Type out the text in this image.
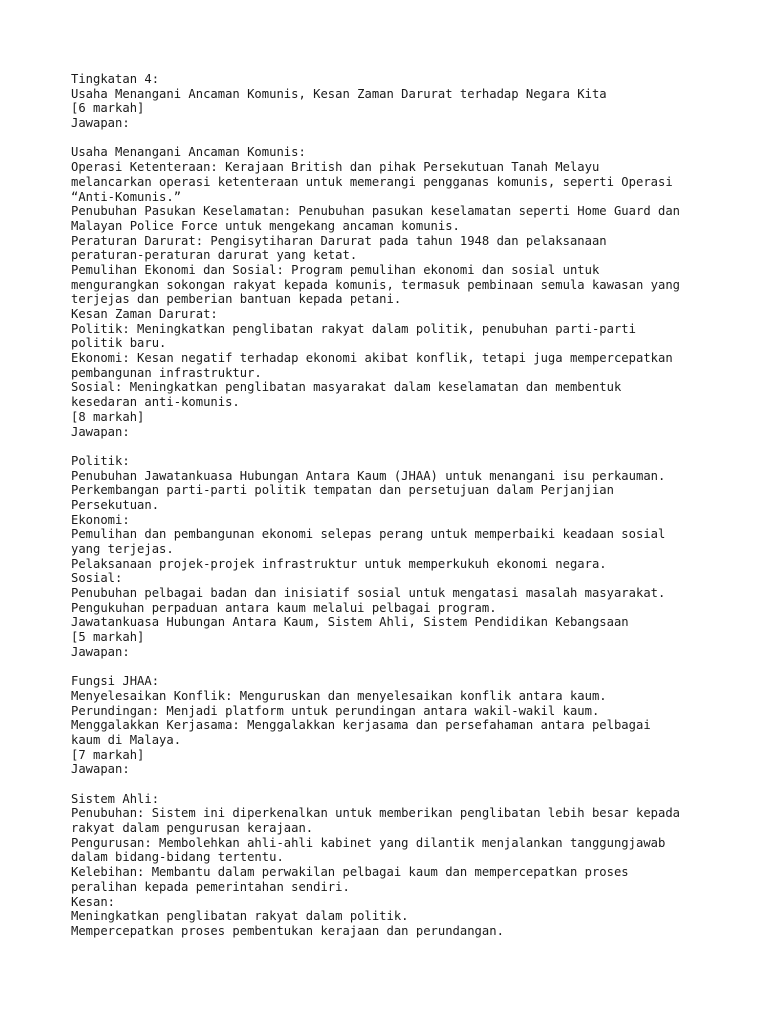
Tingkatan 4:
Usaha Menangani Ancaman Komunis, Kesan Zaman Darurat terhadap Negara Kita
[6 markah]
Jawapan:
Usaha Menangani Ancaman Komunis:
Operasi Ketenteraan: Kerajaan British dan pihak Persekutuan Tanah Melayu
melancarkan operasi ketenteraan untuk memerangi pengganas komunis, seperti Operasi
“Anti-Komunis.”
Penubuhan Pasukan Keselamatan: Penubuhan pasukan keselamatan seperti Home Guard dan
Malayan Police Force untuk mengekang ancaman komunis.
Peraturan Darurat: Pengisytiharan Darurat pada tahun 1948 dan pelaksanaan
peraturan-peraturan darurat yang ketat.
Pemulihan Ekonomi dan Sosial: Program pemulihan ekonomi dan sosial untuk
mengurangkan sokongan rakyat kepada komunis, termasuk pembinaan semula kawasan yang
terjejas dan pemberian bantuan kepada petani.
Kesan Zaman Darurat:
Politik: Meningkatkan penglibatan rakyat dalam politik, penubuhan parti-parti
politik baru.
Ekonomi: Kesan negatif terhadap ekonomi akibat konflik, tetapi juga mempercepatkan
pembangunan infrastruktur.
Sosial: Meningkatkan penglibatan masyarakat dalam keselamatan dan membentuk
kesedaran anti-komunis.
[8 markah]
Jawapan:
Politik:
Penubuhan Jawatankuasa Hubungan Antara Kaum (JHAA) untuk menangani isu perkauman.
Perkembangan parti-parti politik tempatan dan persetujuan dalam Perjanjian
Persekutuan.
Ekonomi:
Pemulihan dan pembangunan ekonomi selepas perang untuk memperbaiki keadaan sosial
yang terjejas.
Pelaksanaan projek-projek infrastruktur untuk memperkukuh ekonomi negara.
Sosial:
Penubuhan pelbagai badan dan inisiatif sosial untuk mengatasi masalah masyarakat.
Pengukuhan perpaduan antara kaum melalui pelbagai program.
Jawatankuasa Hubungan Antara Kaum, Sistem Ahli, Sistem Pendidikan Kebangsaan
[5 markah]
Jawapan:
Fungsi JHAA:
Menyelesaikan Konflik: Menguruskan dan menyelesaikan konflik antara kaum.
Perundingan: Menjadi platform untuk perundingan antara wakil-wakil kaum.
Menggalakkan Kerjasama: Menggalakkan kerjasama dan persefahaman antara pelbagai
kaum di Malaya.
[7 markah]
Jawapan:
Sistem Ahli:
Penubuhan: Sistem ini diperkenalkan untuk memberikan penglibatan lebih besar kepada
rakyat dalam pengurusan kerajaan.
Pengurusan: Membolehkan ahli-ahli kabinet yang dilantik menjalankan tanggungjawab
dalam bidang-bidang tertentu.
Kelebihan: Membantu dalam perwakilan pelbagai kaum dan mempercepatkan proses
peralihan kepada pemerintahan sendiri.
Kesan:
Meningkatkan penglibatan rakyat dalam politik.
Mempercepatkan proses pembentukan kerajaan dan perundangan.
